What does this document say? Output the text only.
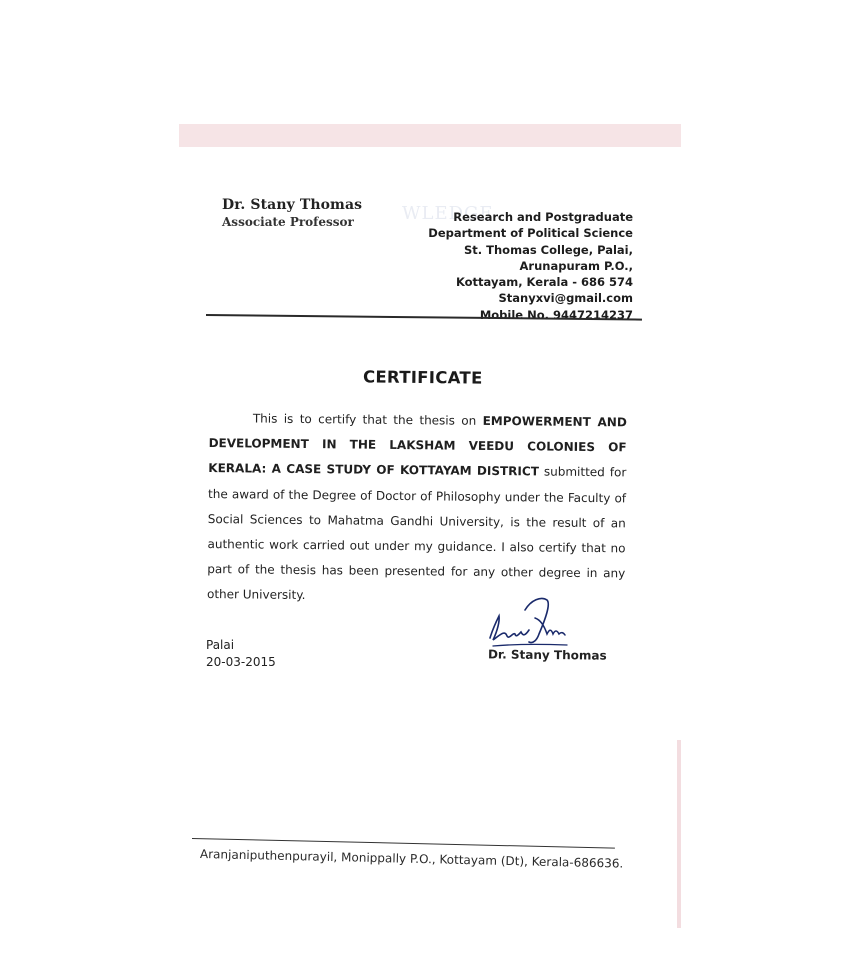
Dr. Stany Thomas
Associate Professor	WLEDGE
Research and Postgraduate
Department of Political Science
St. Thomas College, Palai,
Arunapuram P.O.,
Kottayam, Kerala - 686 574
Stanyxvi@gmail.com
Mobile No. 9447214237
CERTIFICATE
This is to certify that the thesis on EMPOWERMENT AND DEVELOPMENT IN THE LAKSHAM VEEDU COLONIES OF KERALA: A CASE STUDY OF KOTTAYAM DISTRICT submitted for the award of the Degree of Doctor of Philosophy under the Faculty of Social Sciences to Mahatma Gandhi University, is the result of an authentic work carried out under my guidance. I also certify that no part of the thesis has been presented for any other degree in any other University.
Palai
20-03-2015	Dr. Stany Thomas
Aranjaniputhenpurayil, Monippally P.O., Kottayam (Dt), Kerala-686636.
